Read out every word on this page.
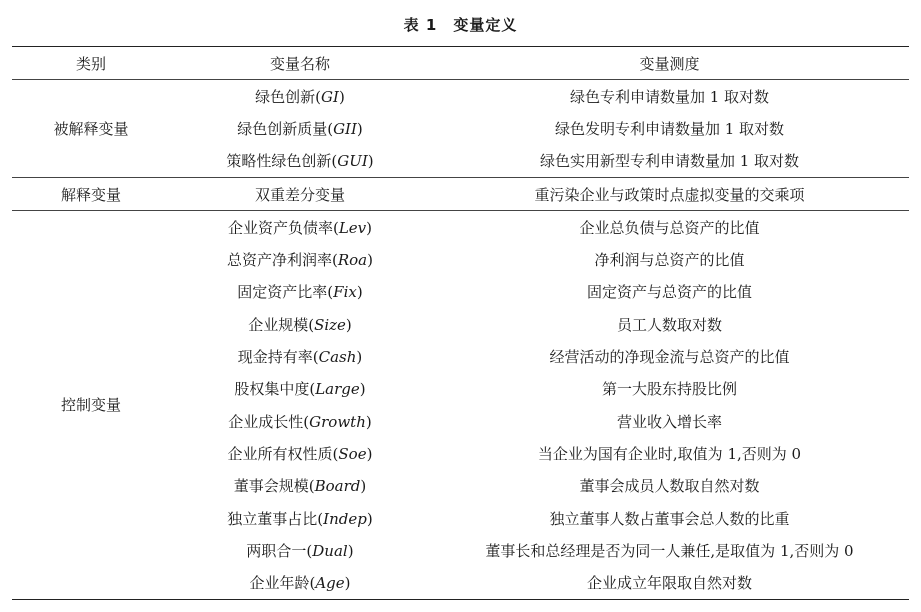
表 1　变量定义
类别	变量名称	变量测度
被解释变量	绿色创新(GI)	绿色专利申请数量加 1 取对数
	绿色创新质量(GII)	绿色发明专利申请数量加 1 取对数
	策略性绿色创新(GUI)	绿色实用新型专利申请数量加 1 取对数
解释变量	双重差分变量	重污染企业与政策时点虚拟变量的交乘项
控制变量	企业资产负债率(Lev)	企业总负债与总资产的比值
	总资产净利润率(Roa)	净利润与总资产的比值
	固定资产比率(Fix)	固定资产与总资产的比值
	企业规模(Size)	员工人数取对数
	现金持有率(Cash)	经营活动的净现金流与总资产的比值
	股权集中度(Large)	第一大股东持股比例
	企业成长性(Growth)	营业收入增长率
	企业所有权性质(Soe)	当企业为国有企业时,取值为 1,否则为 0
	董事会规模(Board)	董事会成员人数取自然对数
	独立董事占比(Indep)	独立董事人数占董事会总人数的比重
	两职合一(Dual)	董事长和总经理是否为同一人兼任,是取值为 1,否则为 0
	企业年龄(Age)	企业成立年限取自然对数
